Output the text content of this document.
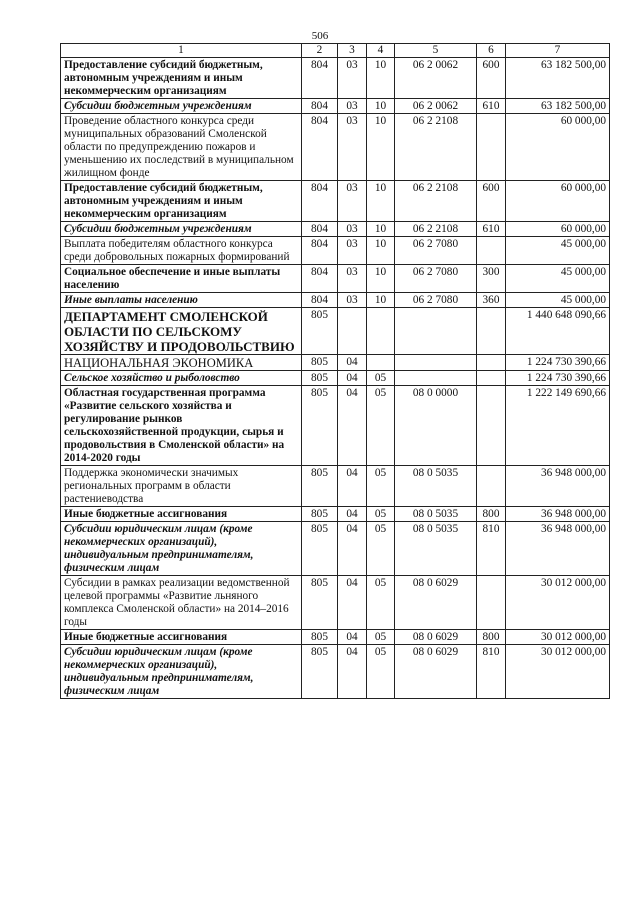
506
1	2	3	4	5	6	7
Предоставление субсидий бюджетным, автономным учреждениям и иным некоммерческим организациям	804	03	10	06 2 0062	600	63 182 500,00
Субсидии бюджетным учреждениям	804	03	10	06 2 0062	610	63 182 500,00
Проведение областного конкурса среди муниципальных образований Смоленской области по предупреждению пожаров и уменьшению их последствий в муниципальном жилищном фонде	804	03	10	06 2 2108		60 000,00
Предоставление субсидий бюджетным, автономным учреждениям и иным некоммерческим организациям	804	03	10	06 2 2108	600	60 000,00
Субсидии бюджетным учреждениям	804	03	10	06 2 2108	610	60 000,00
Выплата победителям областного конкурса среди добровольных пожарных формирований	804	03	10	06 2 7080		45 000,00
Социальное обеспечение и иные выплаты населению	804	03	10	06 2 7080	300	45 000,00
Иные выплаты населению	804	03	10	06 2 7080	360	45 000,00
ДЕПАРТАМЕНТ СМОЛЕНСКОЙ ОБЛАСТИ ПО СЕЛЬСКОМУ ХОЗЯЙСТВУ И ПРОДОВОЛЬСТВИЮ	805					1 440 648 090,66
НАЦИОНАЛЬНАЯ ЭКОНОМИКА	805	04				1 224 730 390,66
Сельское хозяйство и рыболовство	805	04	05			1 224 730 390,66
Областная государственная программа «Развитие сельского хозяйства и регулирование рынков сельскохозяйственной продукции, сырья и продовольствия в Смоленской области» на 2014-2020 годы	805	04	05	08 0 0000		1 222 149 690,66
Поддержка экономически значимых региональных программ в области растениеводства	805	04	05	08 0 5035		36 948 000,00
Иные бюджетные ассигнования	805	04	05	08 0 5035	800	36 948 000,00
Субсидии юридическим лицам (кроме некоммерческих организаций), индивидуальным предпринимателям, физическим лицам	805	04	05	08 0 5035	810	36 948 000,00
Субсидии в рамках реализации ведомственной целевой программы «Развитие льняного комплекса Смоленской области» на 2014–2016 годы	805	04	05	08 0 6029		30 012 000,00
Иные бюджетные ассигнования	805	04	05	08 0 6029	800	30 012 000,00
Субсидии юридическим лицам (кроме некоммерческих организаций), индивидуальным предпринимателям, физическим лицам	805	04	05	08 0 6029	810	30 012 000,00
